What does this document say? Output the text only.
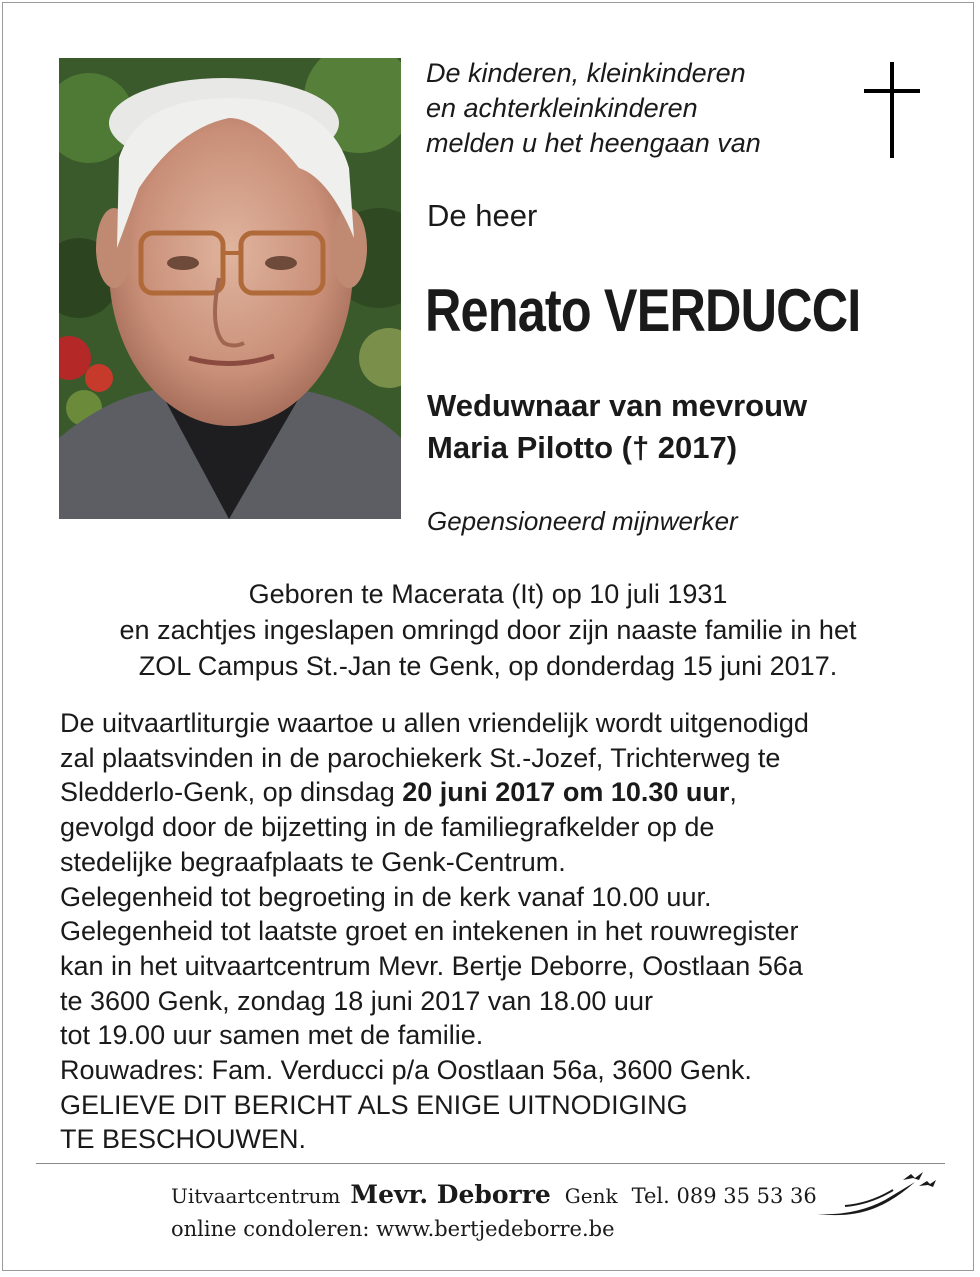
De kinderen, kleinkinderen
en achterkleinkinderen
melden u het heengaan van
De heer
Renato VERDUCCI
Weduwnaar van mevrouw
Maria Pilotto († 2017)
Gepensioneerd mijnwerker
Geboren te Macerata (It) op 10 juli 1931
en zachtjes ingeslapen omringd door zijn naaste familie in het
ZOL Campus St.-Jan te Genk, op donderdag 15 juni 2017.
De uitvaartliturgie waartoe u allen vriendelijk wordt uitgenodigd
zal plaatsvinden in de parochiekerk St.-Jozef, Trichterweg te
Sledderlo-Genk, op dinsdag 20 juni 2017 om 10.30 uur,
gevolgd door de bijzetting in de familiegrafkelder op de
stedelijke begraafplaats te Genk-Centrum.
Gelegenheid tot begroeting in de kerk vanaf 10.00 uur.
Gelegenheid tot laatste groet en intekenen in het rouwregister
kan in het uitvaartcentrum Mevr. Bertje Deborre, Oostlaan 56a
te 3600 Genk, zondag 18 juni 2017 van 18.00 uur
tot 19.00 uur samen met de familie.
Rouwadres: Fam. Verducci p/a Oostlaan 56a, 3600 Genk.
GELIEVE DIT BERICHT ALS ENIGE UITNODIGING
TE BESCHOUWEN.
Uitvaartcentrum Mevr. Deborre Genk Tel. 089 35 53 36
online condoleren: www.bertjedeborre.be
